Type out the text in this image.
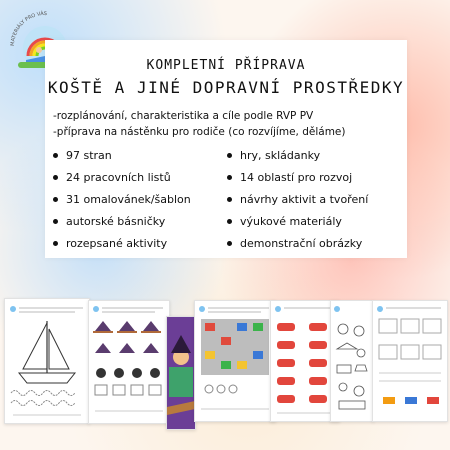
MATERIÁLY PRO VÁS
KOMPLETNÍ PŘÍPRAVA
KOŠTĚ A JINÉ DOPRAVNÍ PROSTŘEDKY
-rozplánování, charakteristika a cíle podle RVP PV
-příprava na nástěnku pro rodiče (co rozvíjíme, děláme)
97 stran
24 pracovních listů
31 omalovánek/šablon
autorské básničky
rozepsané aktivity
hry, skládanky
14 oblastí pro rozvoj
návrhy aktivit a tvoření
výukové materiály
demonstrační obrázky
